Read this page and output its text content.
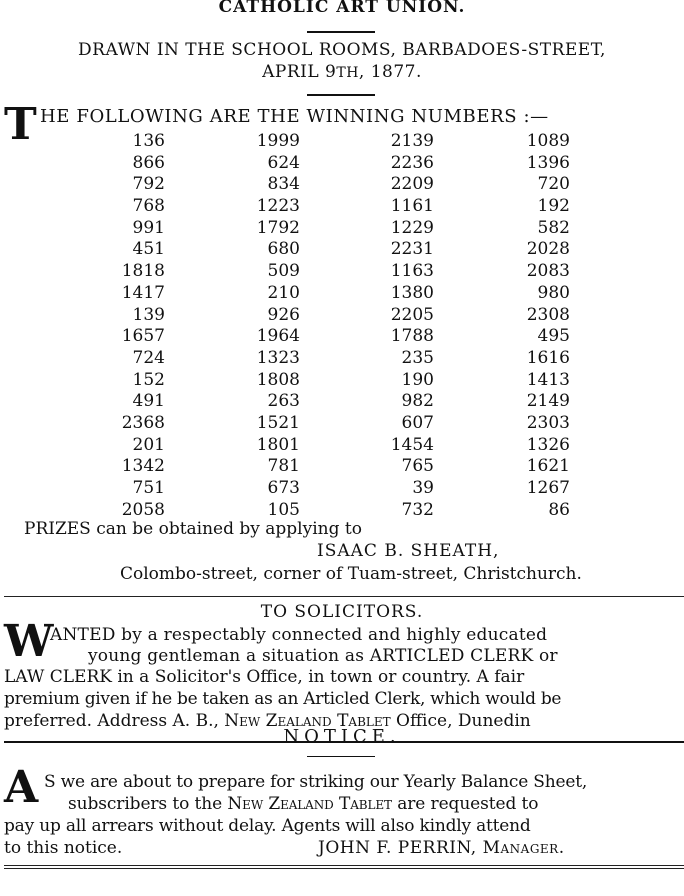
CATHOLIC ART UNION.
DRAWN IN THE SCHOOL ROOMS, BARBADOES-STREET,
APRIL 9TH, 1877.
T HE FOLLOWING ARE THE WINNING NUMBERS :—
136	1999	2139	1089
866	624	2236	1396
792	834	2209	720
768	1223	1161	192
991	1792	1229	582
451	680	2231	2028
1818	509	1163	2083
1417	210	1380	980
139	926	2205	2308
1657	1964	1788	495
724	1323	235	1616
152	1808	190	1413
491	263	982	2149
2368	1521	607	2303
201	1801	1454	1326
1342	781	765	1621
751	673	39	1267
2058	105	732	86
PRIZES can be obtained by applying to
ISAAC B. SHEATH,
Colombo-street, corner of Tuam-street, Christchurch.
TO SOLICITORS.
W
ANTED by a respectably connected and highly educated
young gentleman a situation as ARTICLED CLERK or
LAW CLERK in a Solicitor's Office, in town or country. A fair
premium given if he be taken as an Articled Clerk, which would be
preferred. Address A. B., New Zealand Tablet Office, Dunedin
NOTICE.
A S we are about to prepare for striking our Yearly Balance Sheet,
subscribers to the New Zealand Tablet are requested to
pay up all arrears without delay. Agents will also kindly attend
to this notice.	JOHN F. PERRIN, Manager.
